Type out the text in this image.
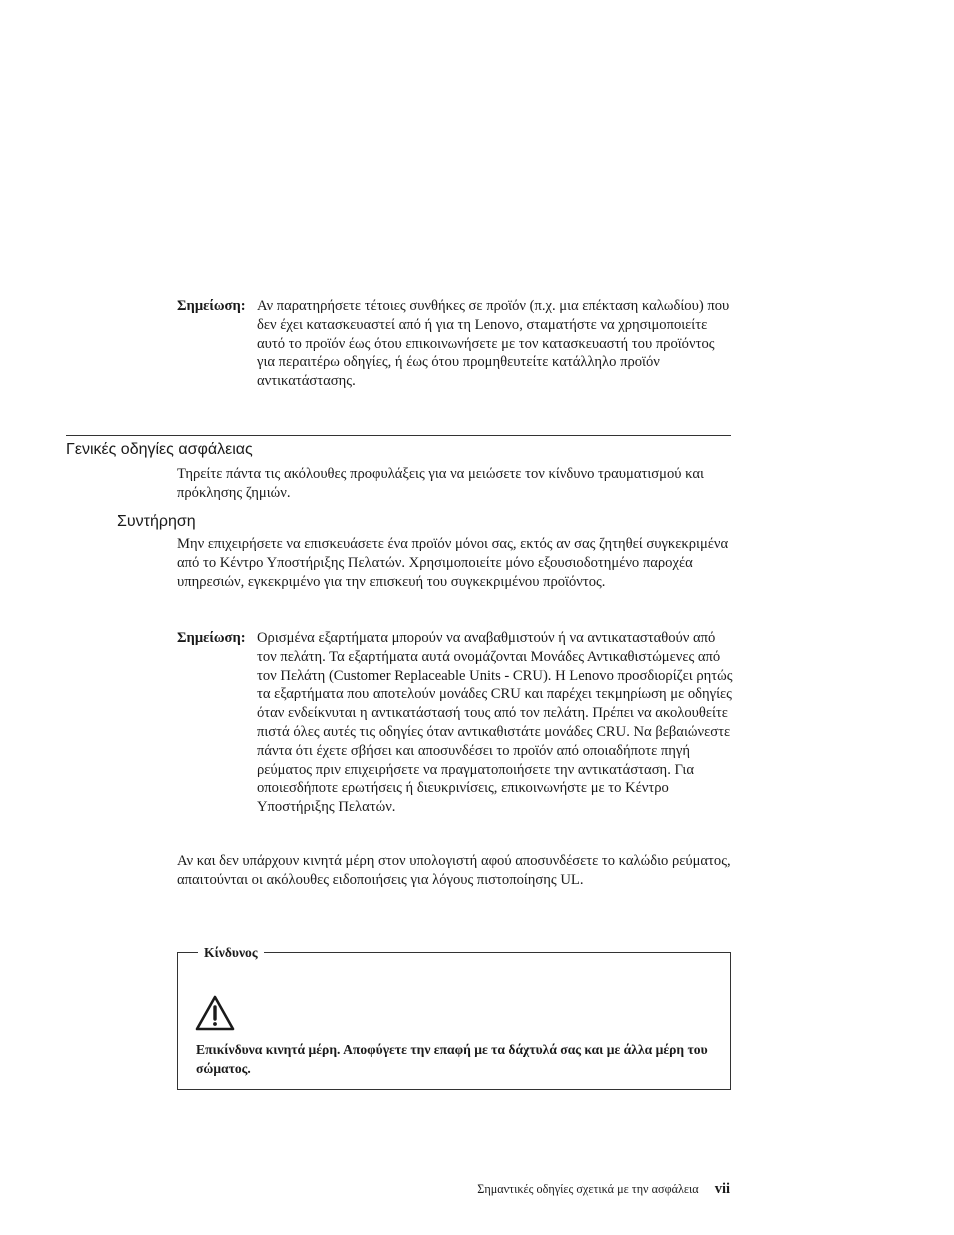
Σημείωση: Αν παρατηρήσετε τέτοιες συνθήκες σε προϊόν (π.χ. μια επέκταση καλωδίου) που δεν έχει κατασκευαστεί από ή για τη Lenovo, σταματήστε να χρησιμοποιείτε αυτό το προϊόν έως ότου επικοινωνήσετε με τον κατασκευαστή του προϊόντος για περαιτέρω οδηγίες, ή έως ότου προμηθευτείτε κατάλληλο προϊόν αντικατάστασης.
Γενικές οδηγίες ασφάλειας
Τηρείτε πάντα τις ακόλουθες προφυλάξεις για να μειώσετε τον κίνδυνο τραυματισμού και πρόκλησης ζημιών.
Συντήρηση
Μην επιχειρήσετε να επισκευάσετε ένα προϊόν μόνοι σας, εκτός αν σας ζητηθεί συγκεκριμένα από το Κέντρο Υποστήριξης Πελατών. Χρησιμοποιείτε μόνο εξουσιοδοτημένο παροχέα υπηρεσιών, εγκεκριμένο για την επισκευή του συγκεκριμένου προϊόντος.
Σημείωση: Ορισμένα εξαρτήματα μπορούν να αναβαθμιστούν ή να αντικατασταθούν από τον πελάτη. Τα εξαρτήματα αυτά ονομάζονται Μονάδες Αντικαθιστώμενες από τον Πελάτη (Customer Replaceable Units - CRU). Η Lenovo προσδιορίζει ρητώς τα εξαρτήματα που αποτελούν μονάδες CRU και παρέχει τεκμηρίωση με οδηγίες όταν ενδείκνυται η αντικατάστασή τους από τον πελάτη. Πρέπει να ακολουθείτε πιστά όλες αυτές τις οδηγίες όταν αντικαθιστάτε μονάδες CRU. Να βεβαιώνεστε πάντα ότι έχετε σβήσει και αποσυνδέσει το προϊόν από οποιαδήποτε πηγή ρεύματος πριν επιχειρήσετε να πραγματοποιήσετε την αντικατάσταση. Για οποιεσδήποτε ερωτήσεις ή διευκρινίσεις, επικοινωνήστε με το Κέντρο Υποστήριξης Πελατών.
Αν και δεν υπάρχουν κινητά μέρη στον υπολογιστή αφού αποσυνδέσετε το καλώδιο ρεύματος, απαιτούνται οι ακόλουθες ειδοποιήσεις για λόγους πιστοποίησης UL.
Κίνδυνος
Επικίνδυνα κινητά μέρη. Αποφύγετε την επαφή με τα δάχτυλά σας και με άλλα μέρη του σώματος.
Σημαντικές οδηγίες σχετικά με την ασφάλεια vii
